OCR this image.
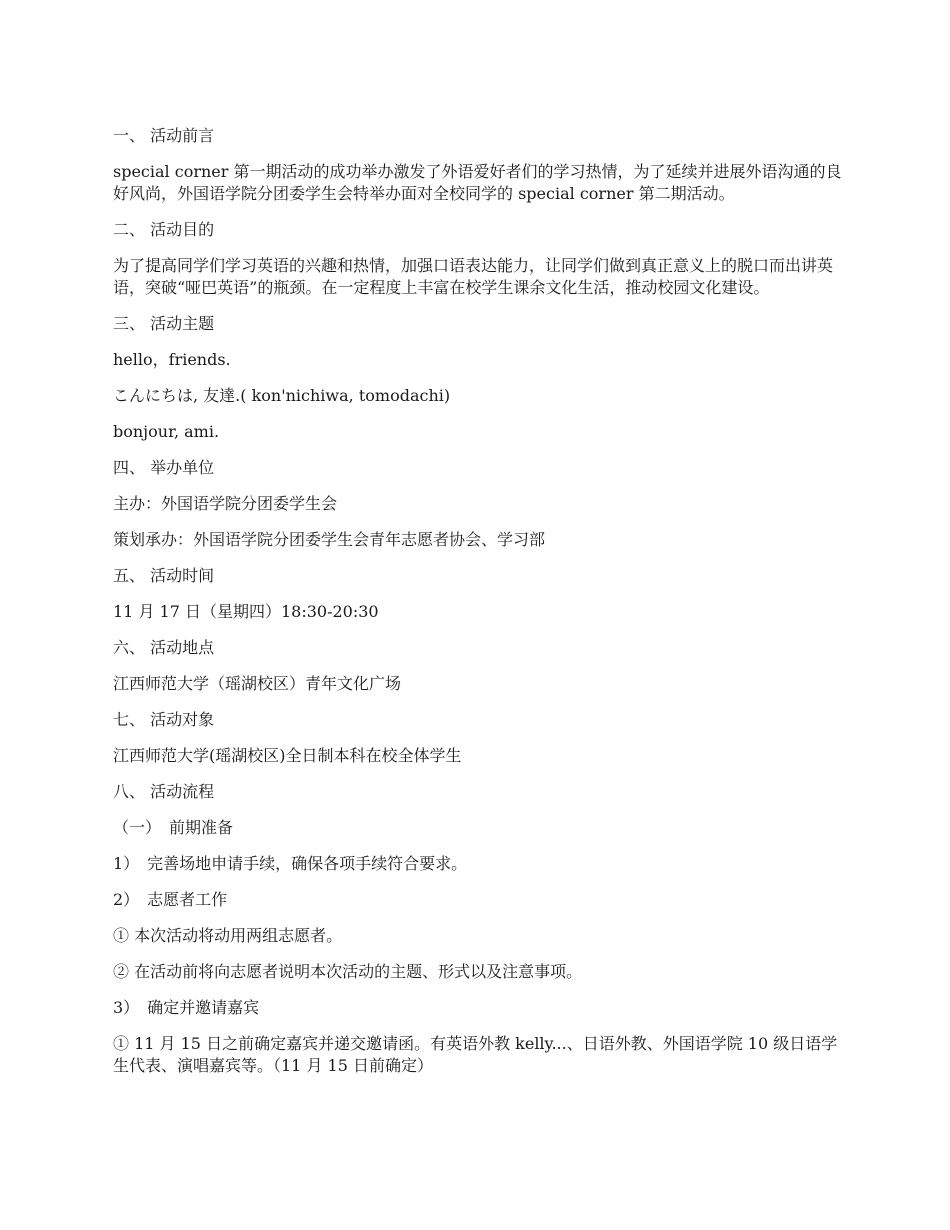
一、 活动前言

special corner 第一期活动的成功举办激发了外语爱好者们的学习热情，为了延续并进展外语沟通的良好风尚，外国语学院分团委学生会特举办面对全校同学的 special corner 第二期活动。

二、 活动目的

为了提高同学们学习英语的兴趣和热情，加强口语表达能力，让同学们做到真正意义上的脱口而出讲英语，突破“哑巴英语”的瓶颈。在一定程度上丰富在校学生课余文化生活，推动校园文化建设。

三、 活动主题

hello，friends.

こんにちは, 友達.( kon'nichiwa, tomodachi)

bonjour, ami.

四、 举办单位

主办：外国语学院分团委学生会

策划承办：外国语学院分团委学生会青年志愿者协会、学习部

五、 活动时间

11 月 17 日（星期四）18:30-20:30

六、 活动地点

江西师范大学（瑶湖校区）青年文化广场

七、 活动对象

江西师范大学(瑶湖校区)全日制本科在校全体学生

八、 活动流程

（一）　前期准备

1）　完善场地申请手续，确保各项手续符合要求。

2）　志愿者工作

① 本次活动将动用两组志愿者。

② 在活动前将向志愿者说明本次活动的主题、形式以及注意事项。

3）　确定并邀请嘉宾

① 11 月 15 日之前确定嘉宾并递交邀请函。有英语外教 kelly...、日语外教、外国语学院 10 级日语学生代表、演唱嘉宾等。（11 月 15 日前确定）
